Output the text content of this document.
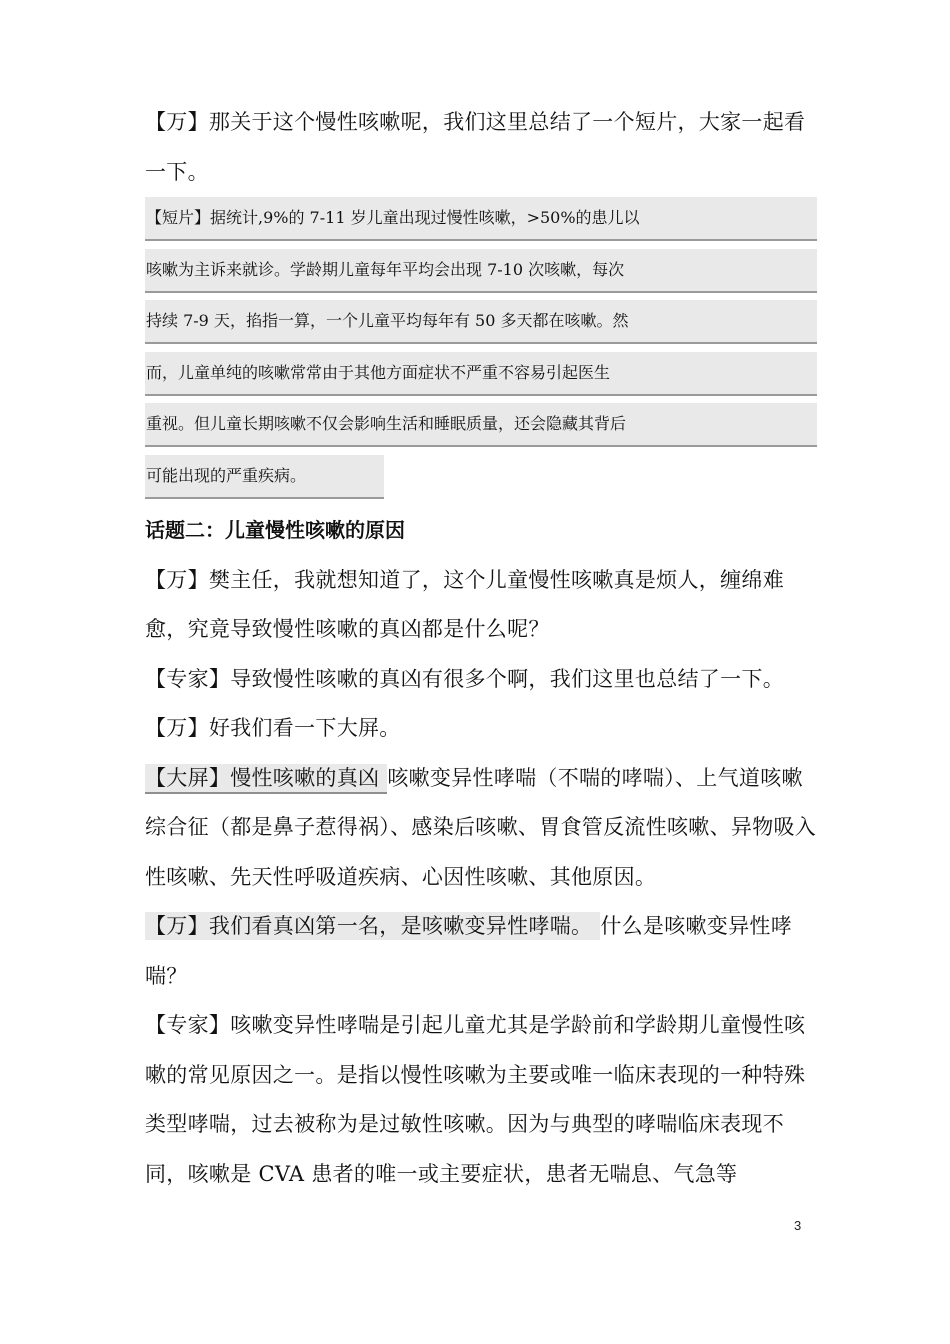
【万】那关于这个慢性咳嗽呢，我们这里总结了一个短片，大家一起看一下。

【短片】据统计,9%的 7-11 岁儿童出现过慢性咳嗽，>50%的患儿以
咳嗽为主诉来就诊。学龄期儿童每年平均会出现 7-10 次咳嗽，每次
持续 7-9 天，掐指一算，一个儿童平均每年有 50 多天都在咳嗽。然
而，儿童单纯的咳嗽常常由于其他方面症状不严重不容易引起医生
重视。但儿童长期咳嗽不仅会影响生活和睡眠质量，还会隐藏其背后
可能出现的严重疾病。

话题二：儿童慢性咳嗽的原因

【万】樊主任，我就想知道了，这个儿童慢性咳嗽真是烦人，缠绵难愈，究竟导致慢性咳嗽的真凶都是什么呢？

【专家】导致慢性咳嗽的真凶有很多个啊，我们这里也总结了一下。

【万】好我们看一下大屏。

【大屏】慢性咳嗽的真凶 咳嗽变异性哮喘（不喘的哮喘）、上气道咳嗽综合征（都是鼻子惹得祸）、感染后咳嗽、胃食管反流性咳嗽、异物吸入性咳嗽、先天性呼吸道疾病、心因性咳嗽、其他原因。

【万】我们看真凶第一名，是咳嗽变异性哮喘。 什么是咳嗽变异性哮喘？

【专家】咳嗽变异性哮喘是引起儿童尤其是学龄前和学龄期儿童慢性咳嗽的常见原因之一。是指以慢性咳嗽为主要或唯一临床表现的一种特殊类型哮喘，过去被称为是过敏性咳嗽。因为与典型的哮喘临床表现不同，咳嗽是 CVA 患者的唯一或主要症状，患者无喘息、气急等

3
